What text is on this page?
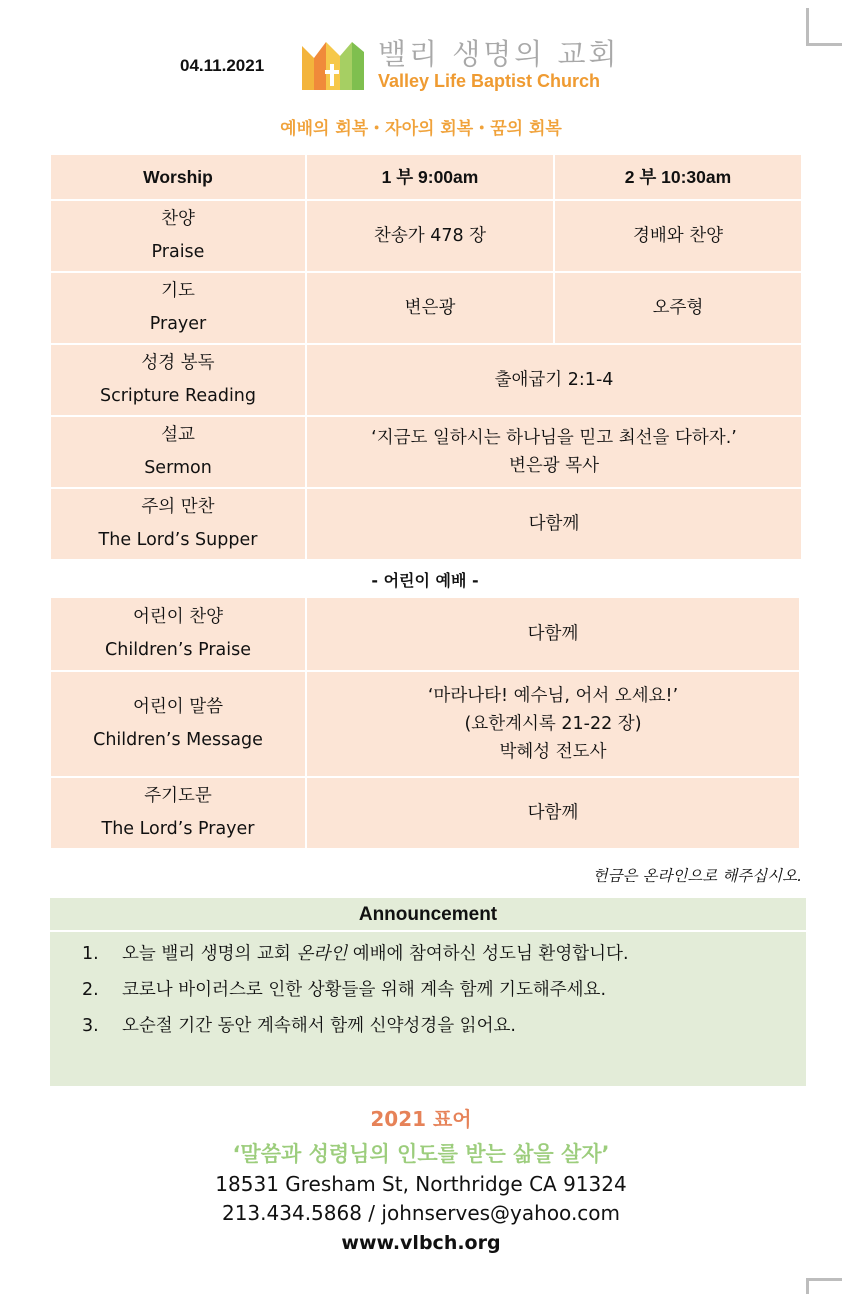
04.11.2021	밸리 생명의 교회
Valley Life Baptist Church
예배의 회복・자아의 회복・꿈의 회복
Worship	1 부 9:00am	2 부 10:30am

찬양
Praise	찬송가 478 장	경배와 찬양

기도
Prayer	변은광	오주형

성경 봉독
Scripture Reading	출애굽기 2:1-4	

설교
Sermon	‘지금도 일하시는 하나님을 믿고 최선을 다하자.’
변은광 목사	

주의 만찬
The Lord’s Supper	다함께	
- 어린이 예배 -
어린이 찬양
Children’s Praise	다함께

어린이 말씀
Children’s Message	‘마라나타! 예수님, 어서 오세요!’
(요한계시록 21-22 장)
박혜성 전도사

주기도문
The Lord’s Prayer	다함께
헌금은 온라인으로 해주십시오.
Announcement
1. 오늘 밸리 생명의 교회 온라인 예배에 참여하신 성도님 환영합니다.
2. 코로나 바이러스로 인한 상황들을 위해 계속 함께 기도해주세요.
3. 오순절 기간 동안 계속해서 함께 신약성경을 읽어요.
2021 표어
‘말씀과 성령님의 인도를 받는 삶을 살자’
18531 Gresham St, Northridge CA 91324
213.434.5868 / johnserves@yahoo.com
www.vlbch.org
